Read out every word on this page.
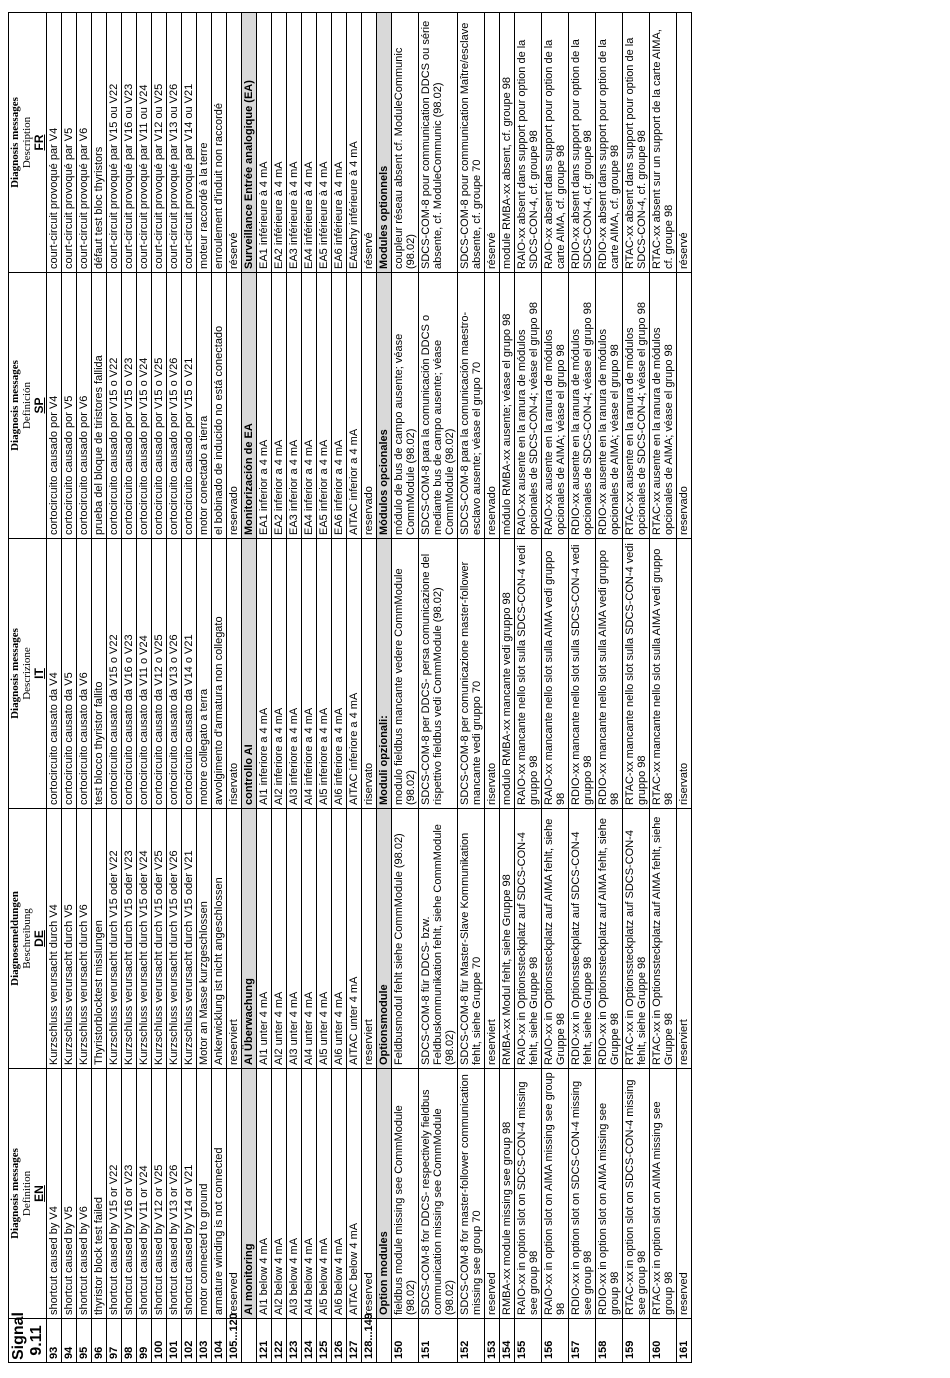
Signal
9.11	Diagnosis messages Definition EN	Diagnosemeldungen Beschreibung DE	Diagnosis messages Descrizione IT	Diagnosis messages Definición SP	Diagnosis messages Description FR

93	shortcut caused by V4	Kurzschluss verursacht durch V4	cortocircuito causato da V4	cortocircuito causado por V4	court-circuit provoqué par V4
94	shortcut caused by V5	Kurzschluss verursacht durch V5	cortocircuito causato da V5	cortocircuito causado por V5	court-circuit provoqué par V5
95	shortcut caused by V6	Kurzschluss verursacht durch V6	cortocircuito causato da V6	cortocircuito causado por V6	court-circuit provoqué par V6
96	thyristor block test failed	Thyristorblocktest misslungen	test blocco thyristor fallito	prueba del bloque de tiristores fallida	défaut test bloc thyristors
97	shortcut caused by V15 or V22	Kurzschluss verursacht durch V15 oder V22	cortocircuito causato da V15 o V22	cortocircuito causado por V15 o V22	court-circuit provoqué par V15 ou V22
98	shortcut caused by V16 or V23	Kurzschluss verursacht durch V15 oder V23	cortocircuito causato da V16 o V23	cortocircuito causado por V15 o V23	court-circuit provoqué par V16 ou V23
99	shortcut caused by V11 or V24	Kurzschluss verursacht durch V15 oder V24	cortocircuito causato da V11 o V24	cortocircuito causado por V15 o V24	court-circuit provoqué par V11 ou V24
100	shortcut caused by V12 or V25	Kurzschluss verursacht durch V15 oder V25	cortocircuito causato da V12 o V25	cortocircuito causado por V15 o V25	court-circuit provoqué par V12 ou V25
101	shortcut caused by V13 or V26	Kurzschluss verursacht durch V15 oder V26	cortocircuito causato da V13 o V26	cortocircuito causado por V15 o V26	court-circuit provoqué par V13 ou V26
102	shortcut caused by V14 or V21	Kurzschluss verursacht durch V15 oder V21	cortocircuito causato da V14 o V21	cortocircuito causado por V15 o V21	court-circuit provoqué par V14 ou V21
103	motor connected to ground	Motor an Masse kurzgeschlossen	motore collegato a terra	motor conectado a tierra	moteur raccordé à la terre
104	armature winding is not connected	Ankerwicklung ist nicht angeschlossen	avvolgimento d'armatura non collegato	el bobinado de inducido no está conectado	enroulement d'induit non raccordé
105...120	reserved	reserviert	riservato	reservado	réservé
	AI monitoring	AI Überwachung	controllo AI	Monitorización de EA	Surveillance Entrée analogique (EA)
121	AI1 below 4 mA	AI1 unter 4 mA	AI1 inferiore a 4 mA	EA1 inferior a 4 mA	EA1 inférieure à 4 mA
122	AI2 below 4 mA	AI2 unter 4 mA	AI2 inferiore a 4 mA	EA2 inferior a 4 mA	EA2 inférieure à 4 mA
123	AI3 below 4 mA	AI3 unter 4 mA	AI3 inferiore a 4 mA	EA3 inferior a 4 mA	EA3 inférieure à 4 mA
124	AI4 below 4 mA	AI4 unter 4 mA	AI4 inferiore a 4 mA	EA4 inferior a 4 mA	EA4 inférieure à 4 mA
125	AI5 below 4 mA	AI5 unter 4 mA	AI5 inferiore a 4 mA	EA5 inferior a 4 mA	EA5 inférieure à 4 mA
126	AI6 below 4 mA	AI6 unter 4 mA	AI6 inferiore a 4 mA	EA6 inferior a 4 mA	EA6 inférieure à 4 mA
127	AITAC below 4 mA	AITAC unter 4 mA	AITAC inferiore a 4 mA	AITAC inferior a 4 mA	EAtachy inférieure à 4 mA
128...149	reserved	reserviert	riservato	reservado	réservé
	Option modules	Optionsmodule	Moduli opzionali:	Módulos opcionales	Modules optionnels
150	fieldbus module missing see CommModule (98.02)	Feldbusmodul fehlt siehe CommModule (98.02)	modulo fieldbus mancante vedere CommModule (98.02)	módulo de bus de campo ausente; véase CommModule (98.02)	coupleur réseau absent cf. ModuleCommunic (98.02)
151	SDCS-COM-8 for DDCS- respectively fieldbus communication missing see CommModule (98.02)	SDCS-COM-8 für DDCS- bzw. Feldbuskommunikation fehlt, siehe CommModule (98.02)	SDCS-COM-8 per DDCS- persa comunicazione del rispettivo fieldbus vedi CommModule (98.02)	SDCS-COM-8 para la comunicación DDCS o mediante bus de campo ausente; véase CommModule (98.02)	SDCS-COM-8 pour communication DDCS ou série absente, cf. ModuleCommunic (98.02)
152	SDCS-COM-8 for master-follower communication missing see group 70	SDCS-COM-8 für Master-Slave Kommunikation fehlt, siehe Gruppe 70	SDCS-COM-8 per comunicazione master-follower mancante vedi gruppo 70	SDCS-COM-8 para la comunicación maestro-esclavo ausente; véase el grupo 70	SDCS-COM-8 pour communication Maître/esclave absente, cf. groupe 70
153	reserved	reserviert	riservato	reservado	réservé
154	RMBA-xx module missing see group 98	RMBA-xx Modul fehlt, siehe Gruppe 98	modulo RMBA-xx mancante vedi gruppo 98	módulo RMBA-xx ausente; véase el grupo 98	module RMBA-xx absent, cf. groupe 98
155	RAIO-xx in option slot on SDCS-CON-4 missing see group 98	RAIO-xx in Optionssteckplatz auf SDCS-CON-4 fehlt, siehe Gruppe 98	RAIO-xx mancante nello slot sulla SDCS-CON-4 vedi gruppo 98	RAIO-xx ausente en la ranura de módulos opcionales de SDCS-CON-4; véase el grupo 98	RAIO-xx absent dans support pour option de la SDCS-CON-4, cf. groupe 98
156	RAIO-xx in option slot on AIMA missing see group 98	RAIO-xx in Optionssteckplatz auf AIMA fehlt, siehe Gruppe 98	RAIO-xx mancante nello slot sulla AIMA vedi gruppo 98	RAIO-xx ausente en la ranura de módulos opcionales de AIMA; véase el grupo 98	RAIO-xx absent dans support pour option de la carte AIMA, cf. groupe 98
157	RDIO-xx in option slot on SDCS-CON-4 missing see group 98	RDIO-xx in Optionssteckplatz auf SDCS-CON-4 fehlt, siehe Gruppe 98	RDIO-xx mancante nello slot sulla SDCS-CON-4 vedi gruppo 98	RDIO-xx ausente en la ranura de módulos opcionales de SDCS-CON-4; véase el grupo 98	RDIO-xx absent dans support pour option de la SDCS-CON-4, cf. groupe 98
158	RDIO-xx in option slot on AIMA missing see group 98	RDIO-xx in Optionssteckplatz auf AIMA fehlt, siehe Gruppe 98	RDIO-xx mancante nello slot sulla AIMA vedi gruppo 98	RDIO-xx ausente en la ranura de módulos opcionales de AIMA; véase el grupo 98	RDIO-xx absent dans support pour option de la carte AIMA, cf. groupe 98
159	RTAC-xx in option slot on SDCS-CON-4 missing see group 98	RTAC-xx in Optionssteckplatz auf SDCS-CON-4 fehlt, siehe Gruppe 98	RTAC-xx mancante nello slot sulla SDCS-CON-4 vedi gruppo 98	RTAC-xx ausente en la ranura de módulos opcionales de SDCS-CON-4; véase el grupo 98	RTAC-xx absent dans support pour option de la SDCS-CON-4, cf. groupe 98
160	RTAC-xx in option slot on AIMA missing see group 98	RTAC-xx in Optionssteckplatz auf AIMA fehlt, siehe Gruppe 98	RTAC-xx mancante nello slot sulla AIMA vedi gruppo 98	RTAC-xx ausente en la ranura de módulos opcionales de AIMA; véase el grupo 98	RTAC-xx absent sur un support de la carte AIMA, cf. groupe 98
161	reserved	reserviert	riservato	reservado	réservé
